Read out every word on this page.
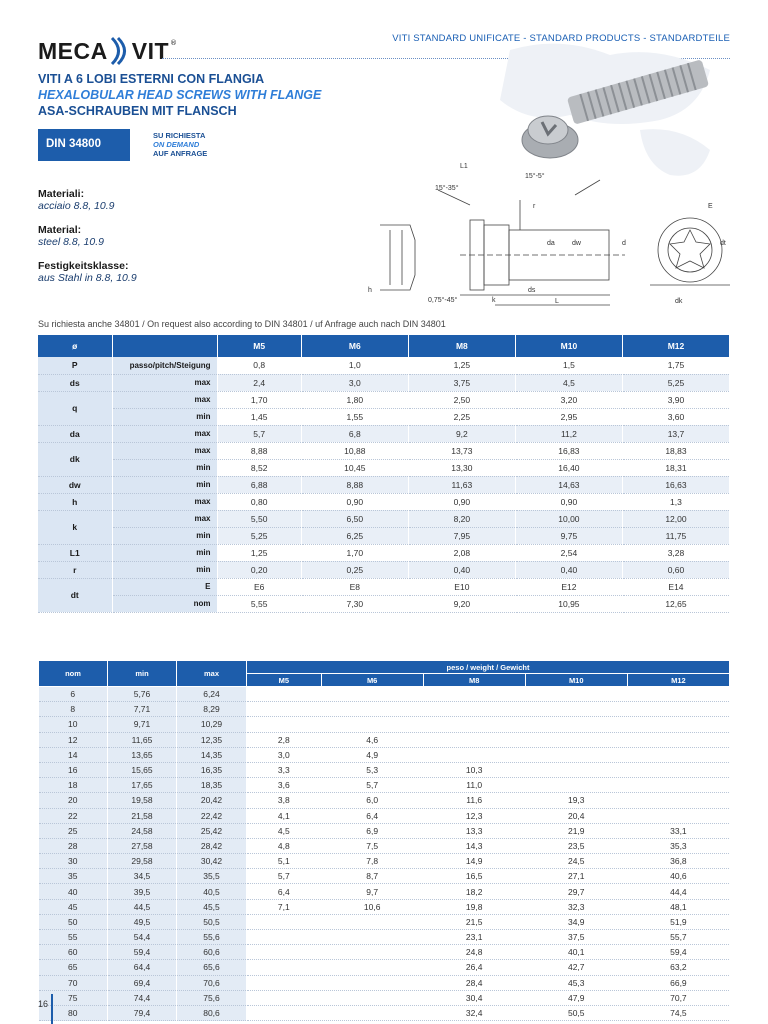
MECA VIT ®	VITI STANDARD UNIFICATE - STANDARD PRODUCTS - STANDARDTEILE
VITI A 6 LOBI ESTERNI CON FLANGIA
HEXALOBULAR HEAD SCREWS WITH FLANGE
ASA-SCHRAUBEN MIT FLANSCH
DIN 34800
SU RICHIESTA
ON DEMAND
AUF ANFRAGE
Materiali:
acciaio 8.8, 10.9
Material:
steel 8.8, 10.9
Festigkeitsklasse:
aus Stahl in 8.8, 10.9
L1
15°-35°
15°-5°
r	E
da dw	d	dt
h
0,75°-45°	k
ds
L	dk
Su richiesta anche 34801 / On request also according to DIN 34801 / uf Anfrage auch nach DIN 34801
ø		M5	M6	M8	M10	M12
P	passo/pitch/Steigung	0,8	1,0	1,25	1,5	1,75
ds	max	2,4	3,0	3,75	4,5	5,25
q	max	1,70	1,80	2,50	3,20	3,90
	min	1,45	1,55	2,25	2,95	3,60
da	max	5,7	6,8	9,2	11,2	13,7
dk	max	8,88	10,88	13,73	16,83	18,83
	min	8,52	10,45	13,30	16,40	18,31
dw	min	6,88	8,88	11,63	14,63	16,63
h	max	0,80	0,90	0,90	0,90	1,3
k	max	5,50	6,50	8,20	10,00	12,00
	min	5,25	6,25	7,95	9,75	11,75
L1	min	1,25	1,70	2,08	2,54	3,28
r	min	0,20	0,25	0,40	0,40	0,60
dt	E	E6	E8	E10	E12	E14
	nom	5,55	7,30	9,20	10,95	12,65
nom	min	max	peso / weight / Gewicht				
			M5	M6	M8	M10	M12
6	5,76	6,24					
8	7,71	8,29					
10	9,71	10,29					
12	11,65	12,35	2,8	4,6			
14	13,65	14,35	3,0	4,9			
16	15,65	16,35	3,3	5,3	10,3		
18	17,65	18,35	3,6	5,7	11,0		
20	19,58	20,42	3,8	6,0	11,6	19,3	
22	21,58	22,42	4,1	6,4	12,3	20,4	
25	24,58	25,42	4,5	6,9	13,3	21,9	33,1
28	27,58	28,42	4,8	7,5	14,3	23,5	35,3
30	29,58	30,42	5,1	7,8	14,9	24,5	36,8
35	34,5	35,5	5,7	8,7	16,5	27,1	40,6
40	39,5	40,5	6,4	9,7	18,2	29,7	44,4
45	44,5	45,5	7,1	10,6	19,8	32,3	48,1
50	49,5	50,5			21,5	34,9	51,9
55	54,4	55,6			23,1	37,5	55,7
60	59,4	60,6			24,8	40,1	59,4
65	64,4	65,6			26,4	42,7	63,2
70	69,4	70,6			28,4	45,3	66,9
75	74,4	75,6			30,4	47,9	70,7
80	79,4	80,6			32,4	50,5	74,5
16
